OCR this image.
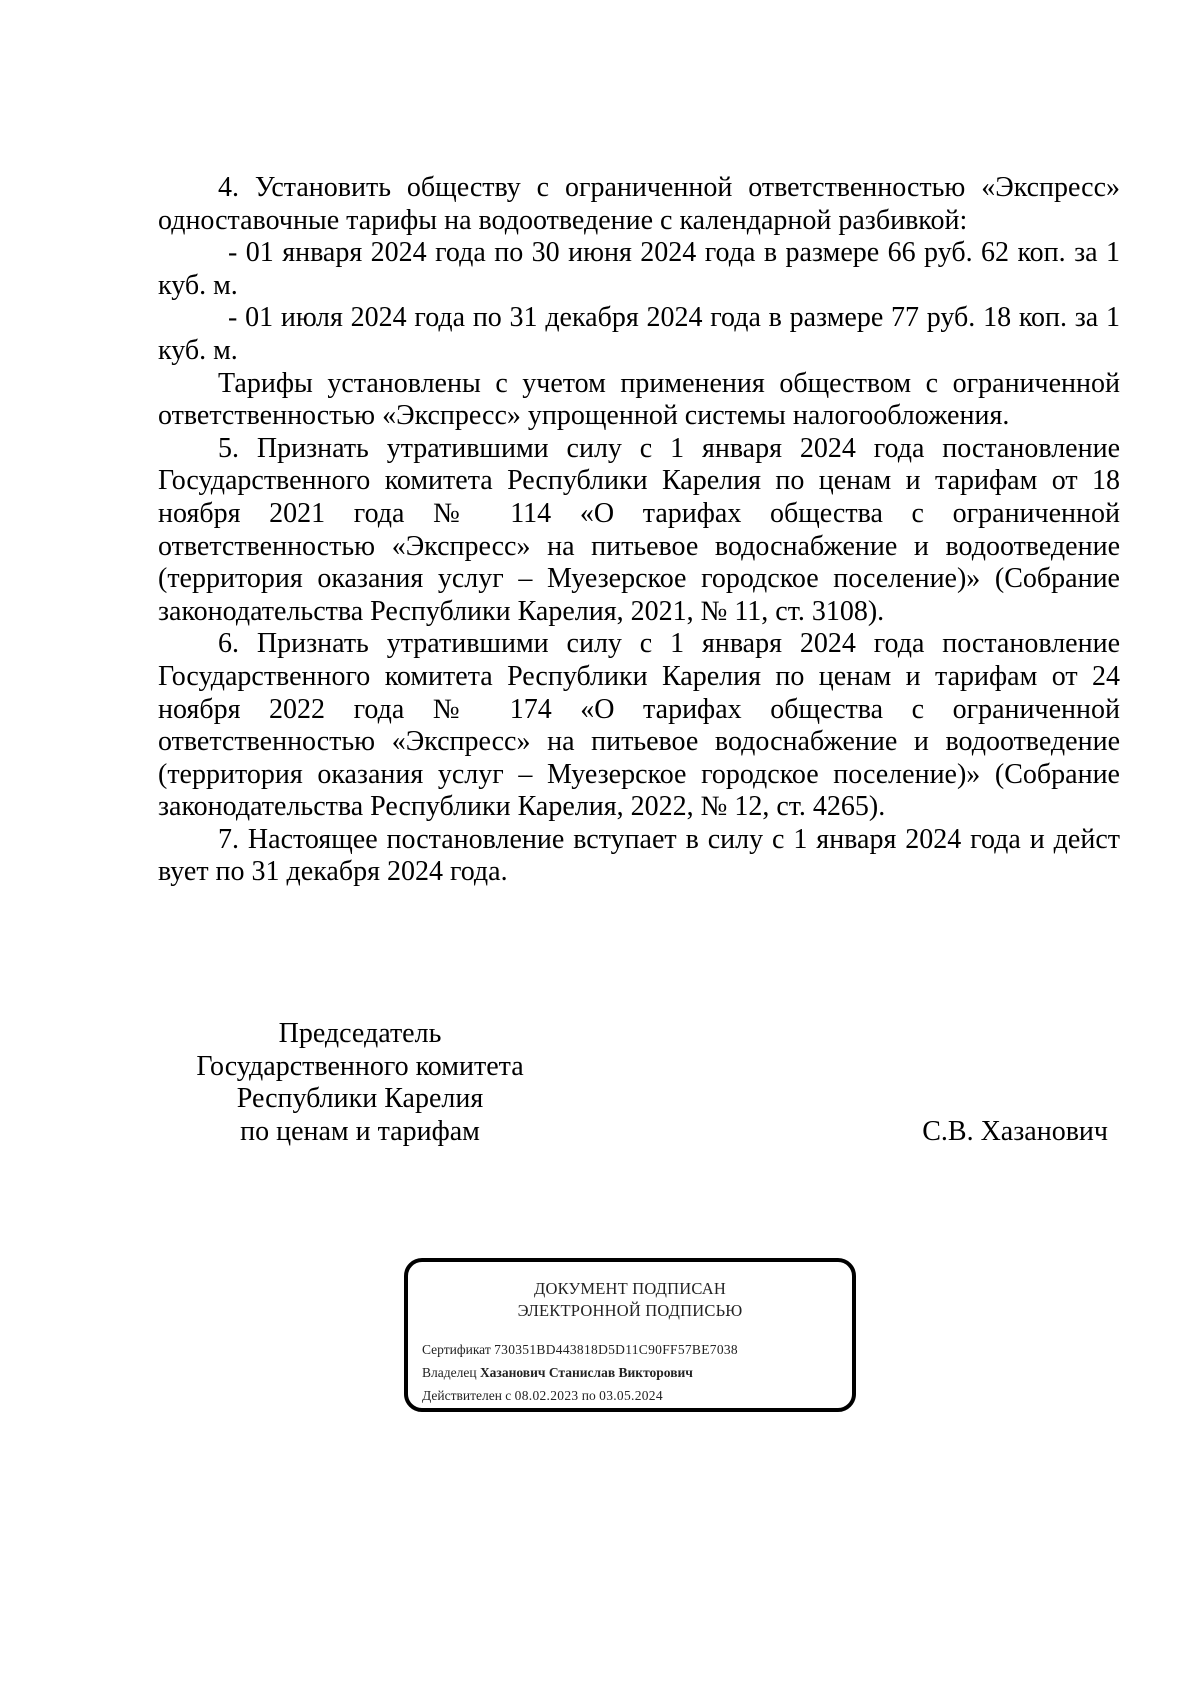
4. Установить обществу с ограниченной ответственностью «Экспресс» одноставочные тарифы на водоотведение с календарной разбивкой:

- 01 января 2024 года по 30 июня 2024 года в размере 66 руб. 62 коп. за 1 куб. м.

- 01 июля 2024 года по 31 декабря 2024 года в размере 77 руб. 18 коп. за 1 куб. м.

Тарифы установлены с учетом применения обществом с ограниченной ответственностью «Экспресс» упрощенной системы налогообложения.

5. Признать утратившими силу с 1 января 2024 года постановление Государственного комитета Республики Карелия по ценам и тарифам от 18 ноября 2021 года № 114 «О тарифах общества с ограниченной ответственностью «Экспресс» на питьевое водоснабжение и водоотведение (территория оказания услуг – Муезерское городское поселение)» (Собрание законодательства Республики Карелия, 2021, № 11, ст. 3108).

6. Признать утратившими силу с 1 января 2024 года постановление Государственного комитета Республики Карелия по ценам и тарифам от 24 ноября 2022 года № 174 «О тарифах общества с ограниченной ответственностью «Экспресс» на питьевое водоснабжение и водоотведение (территория оказания услуг – Муезерское городское поселение)» (Собрание законодательства Республики Карелия, 2022, № 12, ст. 4265).

7. Настоящее постановление вступает в силу с 1 января 2024 года и дейст вует по 31 декабря 2024 года.

Председатель
Государственного комитета
Республики Карелия
по ценам и тарифам	С.В. Хазанович
ДОКУМЕНТ ПОДПИСАН
ЭЛЕКТРОННОЙ ПОДПИСЬЮ
Сертификат 730351BD443818D5D11C90FF57BE7038
Владелец Хазанович Станислав Викторович
Действителен с 08.02.2023 по 03.05.2024
